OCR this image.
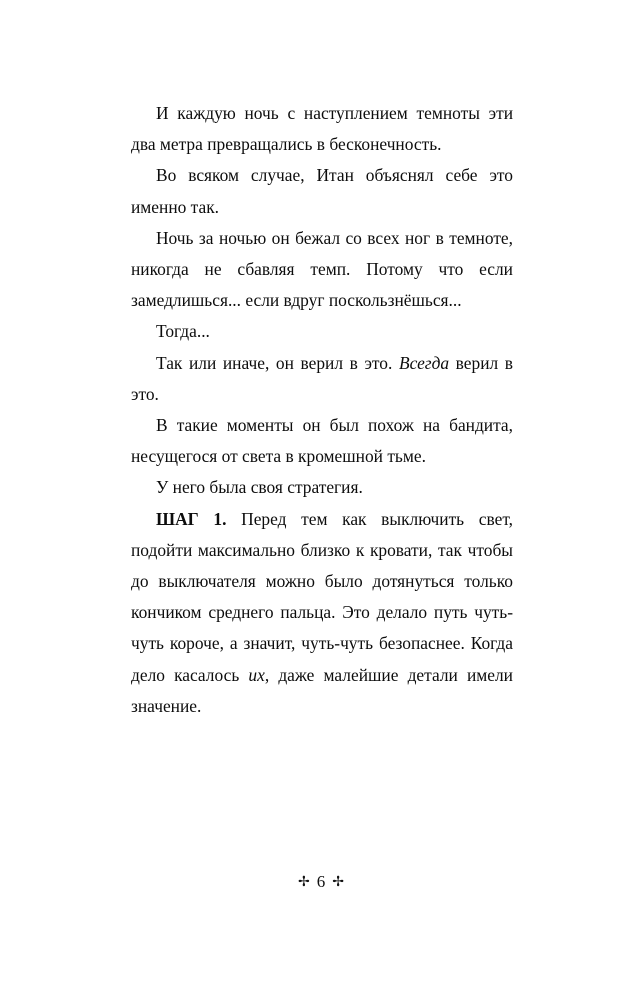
И каждую ночь с наступлением темноты эти два метра превращались в бесконечность.

Во всяком случае, Итан объяснял себе это именно так.

Ночь за ночью он бежал со всех ног в темноте, никогда не сбавляя темп. Потому что если замедлишься... если вдруг поскользнёшься...

Тогда...

Так или иначе, он верил в это. Всегда верил в это.

В такие моменты он был похож на бандита, несущегося от света в кромешной тьме.

У него была своя стратегия.

ШАГ 1. Перед тем как выключить свет, подойти максимально близко к кровати, так чтобы до выключателя можно было дотянуться только кончиком среднего пальца. Это делало путь чуть-чуть короче, а значит, чуть-чуть безопаснее. Когда дело касалось их, даже малейшие детали имели значение.

✢ 6 ✢
